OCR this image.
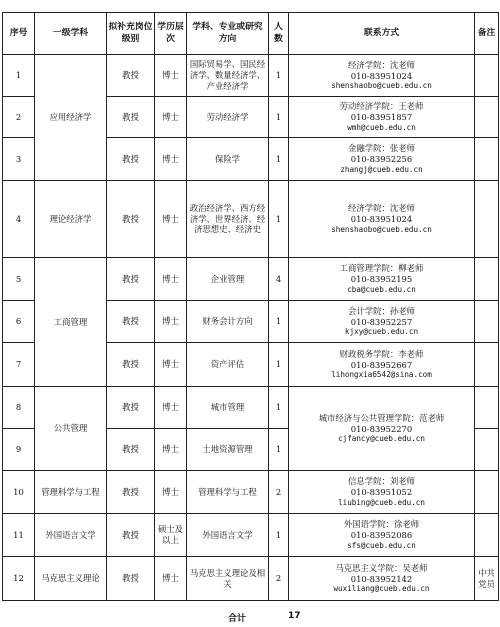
序号	一级学科	拟补充岗位级别	学历层次	学科、专业或研究方向	人数	联系方式	备注
1	应用经济学	教授	博士	国际贸易学、国民经济学、数量经济学、产业经济学	1	经济学院：沈老师
010-83951024
shenshaobo@cueb.edu.cn	

2		教授	博士	劳动经济学	1	劳动经济学院：王老师
010-83951857
wmh@cueb.edu.cn	

3		教授	博士	保险学	1	金融学院：张老师
010-83952256
zhangj@cueb.edu.cn	

4	理论经济学	教授	博士	政治经济学、西方经济学、世界经济、经济思想史、经济史	1	经济学院：沈老师
010-83951024
shenshaobo@cueb.edu.cn	

5	工商管理	教授	博士	企业管理	4	工商管理学院：柳老师
010-83952195
cba@cueb.edu.cn	

6		教授	博士	财务会计方向	1	会计学院：孙老师
010-83952257
kjxy@cueb.edu.cn	

7		教授	博士	资产评估	1	财政税务学院：李老师
010-83952667
lihongxia6542@sina.com	

8	公共管理	教授	博士	城市管理	1	城市经济与公共管理学院：范老师
010-83952270
cjfancy@cueb.edu.cn	

9		教授	博士	土地资源管理	1		
10	管理科学与工程	教授	博士	管理科学与工程	2	信息学院：刘老师
010-83951052
liubing@cueb.edu.cn	

11	外国语言文学	教授	硕士及以上	外国语言文学	1	外国语学院：徐老师
010-83952086
sfs@cueb.edu.cn	

12	马克思主义理论	教授	博士	马克思主义理论及相关	2	马克思主义学院：吴老师
010-83952142
wuxiliang@cueb.edu.cn	中共党员
合计	17
